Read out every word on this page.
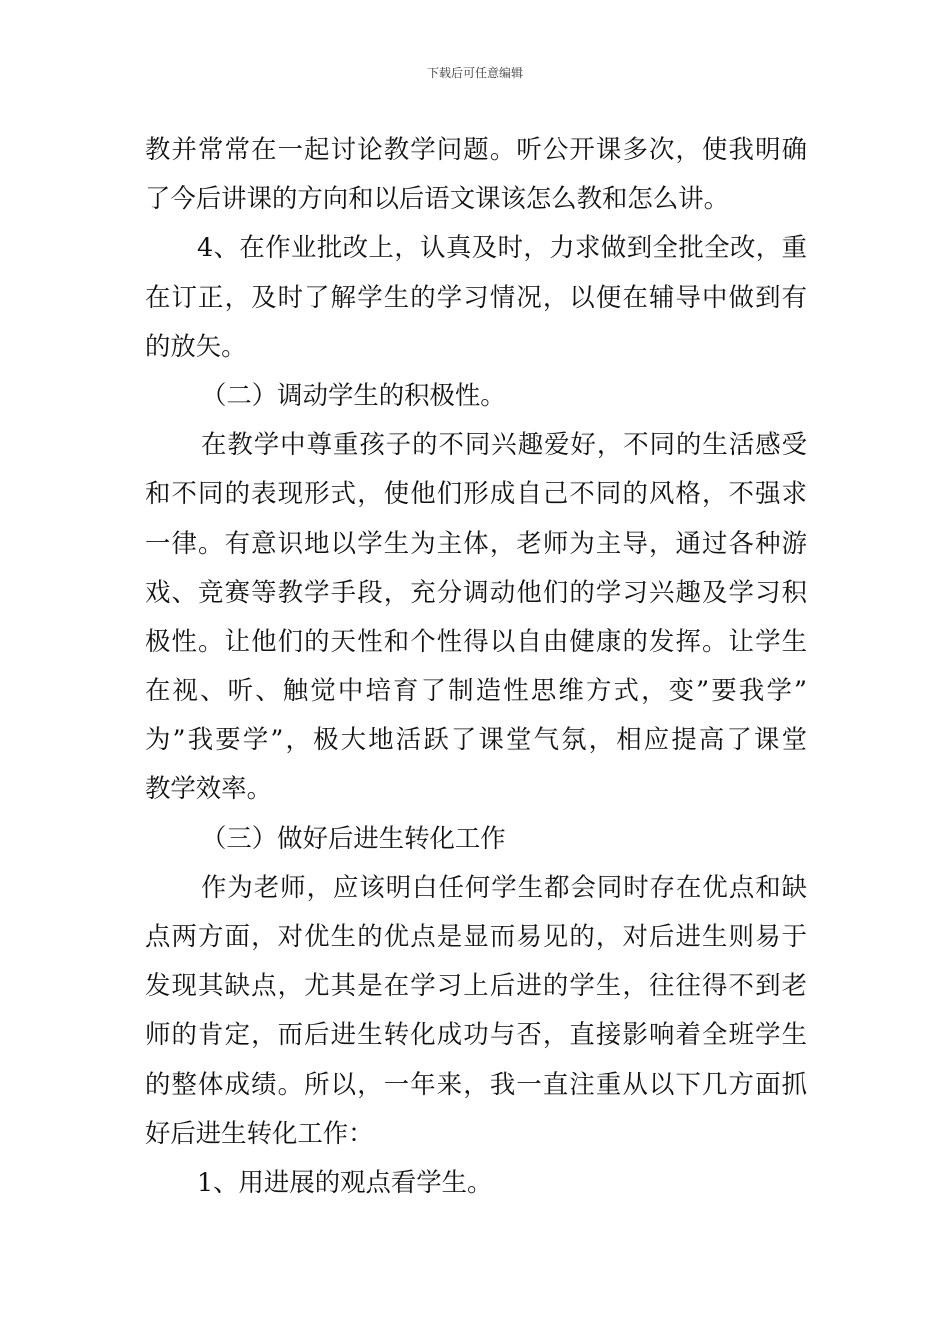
下载后可任意编辑
教并常常在一起讨论教学问题。听公开课多次，使我明确
了今后讲课的方向和以后语文课该怎么教和怎么讲。
4、在作业批改上，认真及时，力求做到全批全改，重
在订正，及时了解学生的学习情况，以便在辅导中做到有
的放矢。
（二）调动学生的积极性。
在教学中尊重孩子的不同兴趣爱好，不同的生活感受
和不同的表现形式，使他们形成自己不同的风格，不强求
一律。有意识地以学生为主体，老师为主导，通过各种游
戏、竞赛等教学手段，充分调动他们的学习兴趣及学习积
极性。让他们的天性和个性得以自由健康的发挥。让学生
在视、听、触觉中培育了制造性思维方式，变”要我学”
为”我要学”，极大地活跃了课堂气氛，相应提高了课堂
教学效率。
（三）做好后进生转化工作
作为老师，应该明白任何学生都会同时存在优点和缺
点两方面，对优生的优点是显而易见的，对后进生则易于
发现其缺点，尤其是在学习上后进的学生，往往得不到老
师的肯定，而后进生转化成功与否，直接影响着全班学生
的整体成绩。所以，一年来，我一直注重从以下几方面抓
好后进生转化工作：
1、用进展的观点看学生。
